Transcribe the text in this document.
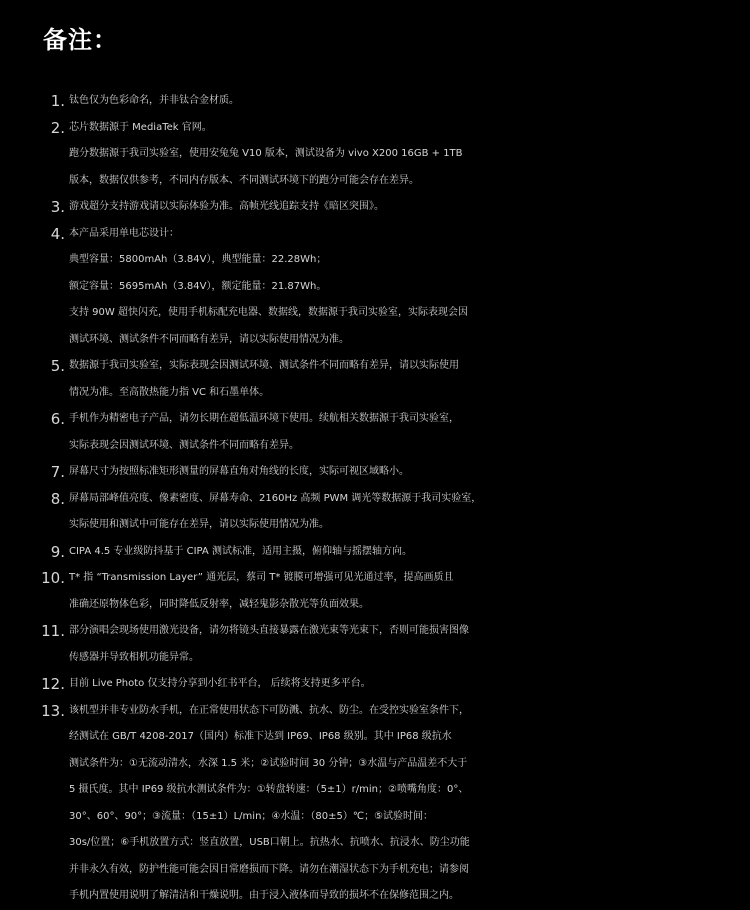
备注：
1. 钛色仅为色彩命名，并非钛合金材质。
2. 芯片数据源于 MediaTek 官网。
跑分数据源于我司实验室，使用安兔兔 V10 版本，测试设备为 vivo X200 16GB + 1TB
版本，数据仅供参考，不同内存版本、不同测试环境下的跑分可能会存在差异。
3. 游戏超分支持游戏请以实际体验为准。高帧光线追踪支持《暗区突围》。
4. 本产品采用单电芯设计：
典型容量：5800mAh（3.84V），典型能量：22.28Wh；
额定容量：5695mAh（3.84V），额定能量：21.87Wh。
支持 90W 超快闪充，使用手机标配充电器、数据线，数据源于我司实验室，实际表现会因
测试环境、测试条件不同而略有差异，请以实际使用情况为准。
5. 数据源于我司实验室，实际表现会因测试环境、测试条件不同而略有差异，请以实际使用
情况为准。至高散热能力指 VC 和石墨单体。
6. 手机作为精密电子产品，请勿长期在超低温环境下使用。续航相关数据源于我司实验室，
实际表现会因测试环境、测试条件不同而略有差异。
7. 屏幕尺寸为按照标准矩形测量的屏幕直角对角线的长度，实际可视区域略小。
8. 屏幕局部峰值亮度、像素密度、屏幕寿命、2160Hz 高频 PWM 调光等数据源于我司实验室，
实际使用和测试中可能存在差异，请以实际使用情况为准。
9. CIPA 4.5 专业级防抖基于 CIPA 测试标准，适用主摄，俯仰轴与摇摆轴方向。
10. T* 指 “Transmission Layer” 通光层，蔡司 T* 镀膜可增强可见光通过率，提高画质且
准确还原物体色彩，同时降低反射率，减轻鬼影杂散光等负面效果。
11. 部分演唱会现场使用激光设备，请勿将镜头直接暴露在激光束等光束下，否则可能损害图像
传感器并导致相机功能异常。
12. 目前 Live Photo 仅支持分享到小红书平台， 后续将支持更多平台。
13. 该机型并非专业防水手机，在正常使用状态下可防溅、抗水、防尘。在受控实验室条件下，
经测试在 GB/T 4208-2017（国内）标准下达到 IP69、IP68 级别。其中 IP68 级抗水
测试条件为：①无流动清水，水深 1.5 米；②试验时间 30 分钟；③水温与产品温差不大于
5 摄氏度。其中 IP69 级抗水测试条件为：①转盘转速：（5±1）r/min；②喷嘴角度：0°、
30°、60°、90°；③流量：（15±1）L/min；④水温：（80±5）℃；⑤试验时间：
30s/位置；⑥手机放置方式：竖直放置，USB口朝上。抗热水、抗喷水、抗浸水、防尘功能
并非永久有效，防护性能可能会因日常磨损而下降。请勿在潮湿状态下为手机充电；请参阅
手机内置使用说明了解清洁和干燥说明。由于浸入液体而导致的损坏不在保修范围之内。
